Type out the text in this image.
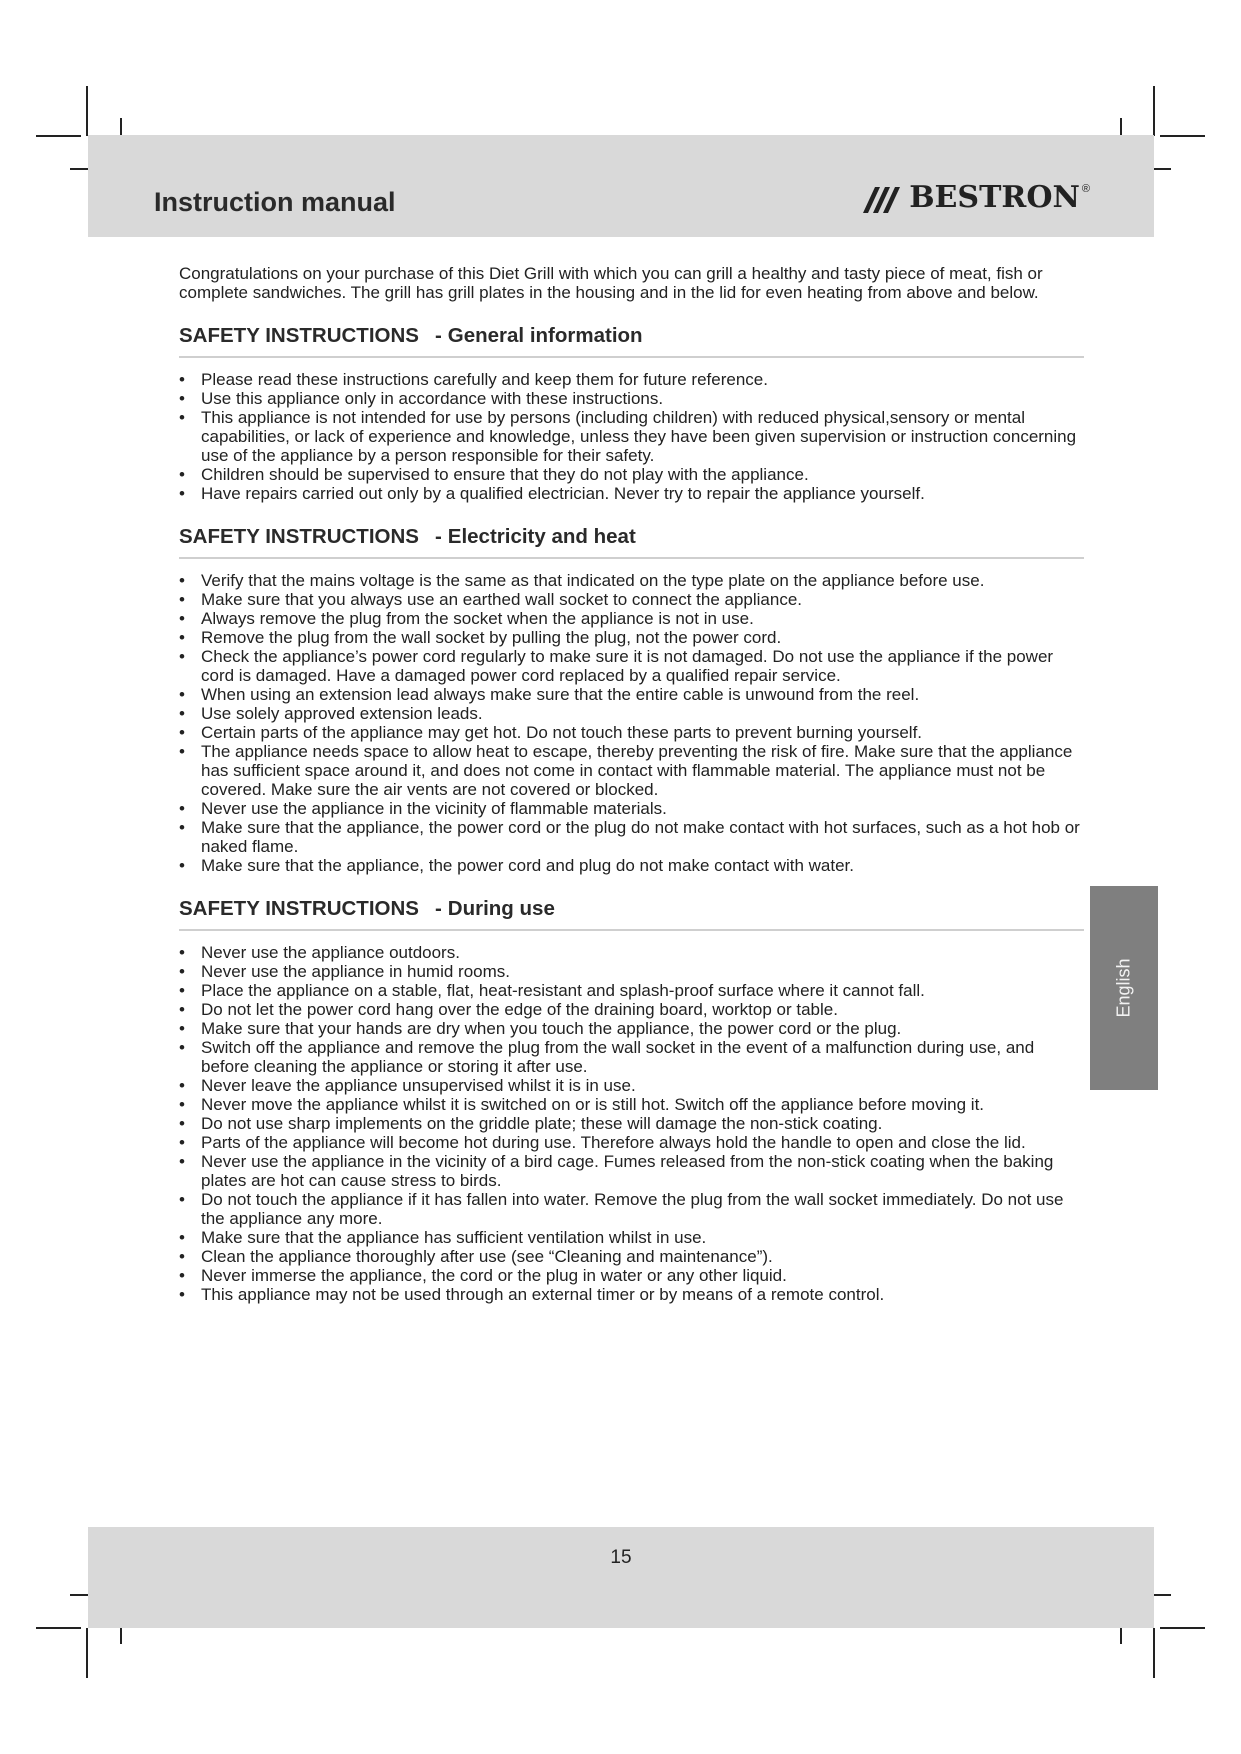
Instruction manual	BESTRON ®

Congratulations on your purchase of this Diet Grill with which you can grill a healthy and tasty piece of meat, fish or complete sandwiches. The grill has grill plates in the housing and in the lid for even heating from above and below.

SAFETY INSTRUCTIONS - General information
• Please read these instructions carefully and keep them for future reference.
• Use this appliance only in accordance with these instructions.
• This appliance is not intended for use by persons (including children) with reduced physical,sensory or mental capabilities, or lack of experience and knowledge, unless they have been given supervision or instruction concerning use of the appliance by a person responsible for their safety.
• Children should be supervised to ensure that they do not play with the appliance.
• Have repairs carried out only by a qualified electrician. Never try to repair the appliance yourself.
SAFETY INSTRUCTIONS - Electricity and heat
• Verify that the mains voltage is the same as that indicated on the type plate on the appliance before use.
• Make sure that you always use an earthed wall socket to connect the appliance.
• Always remove the plug from the socket when the appliance is not in use.
• Remove the plug from the wall socket by pulling the plug, not the power cord.
• Check the appliance’s power cord regularly to make sure it is not damaged. Do not use the appliance if the power cord is damaged. Have a damaged power cord replaced by a qualified repair service.
• When using an extension lead always make sure that the entire cable is unwound from the reel.
• Use solely approved extension leads.
• Certain parts of the appliance may get hot. Do not touch these parts to prevent burning yourself.
• The appliance needs space to allow heat to escape, thereby preventing the risk of fire. Make sure that the appliance has sufficient space around it, and does not come in contact with flammable material. The appliance must not be covered. Make sure the air vents are not covered or blocked.
• Never use the appliance in the vicinity of flammable materials.
• Make sure that the appliance, the power cord or the plug do not make contact with hot surfaces, such as a hot hob or naked flame.
• Make sure that the appliance, the power cord and plug do not make contact with water.
SAFETY INSTRUCTIONS - During use
• Never use the appliance outdoors.
• Never use the appliance in humid rooms.
• Place the appliance on a stable, flat, heat-resistant and splash-proof surface where it cannot fall.
• Do not let the power cord hang over the edge of the draining board, worktop or table.
• Make sure that your hands are dry when you touch the appliance, the power cord or the plug.
• Switch off the appliance and remove the plug from the wall socket in the event of a malfunction during use, and before cleaning the appliance or storing it after use.
• Never leave the appliance unsupervised whilst it is in use.
• Never move the appliance whilst it is switched on or is still hot. Switch off the appliance before moving it.
• Do not use sharp implements on the griddle plate; these will damage the non-stick coating.
• Parts of the appliance will become hot during use. Therefore always hold the handle to open and close the lid.
• Never use the appliance in the vicinity of a bird cage. Fumes released from the non-stick coating when the baking plates are hot can cause stress to birds.
• Do not touch the appliance if it has fallen into water. Remove the plug from the wall socket immediately. Do not use the appliance any more.
• Make sure that the appliance has sufficient ventilation whilst in use.
• Clean the appliance thoroughly after use (see “Cleaning and maintenance”).
• Never immerse the appliance, the cord or the plug in water or any other liquid.
• This appliance may not be used through an external timer or by means of a remote control.
English
15
